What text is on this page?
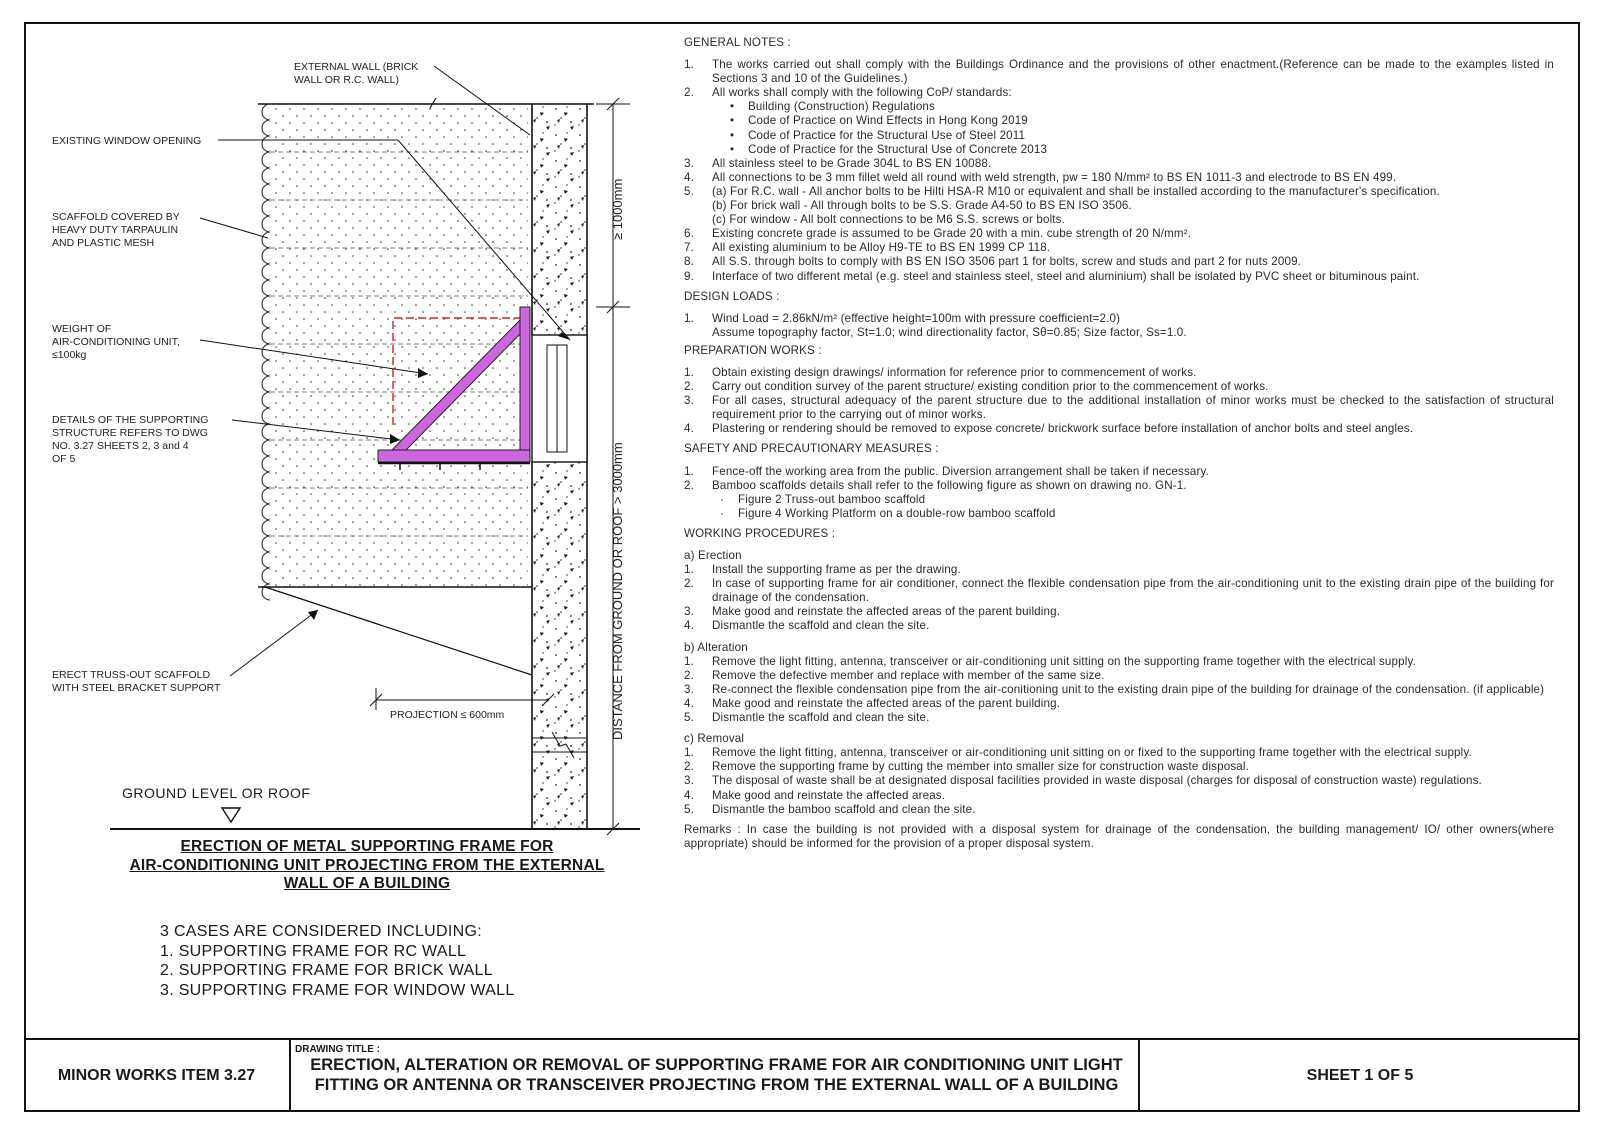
EXTERNAL WALL (BRICK
WALL OR R.C. WALL)
EXISTING WINDOW OPENING
SCAFFOLD COVERED BY
HEAVY DUTY TARPAULIN
AND PLASTIC MESH
WEIGHT OF
AIR-CONDITIONING UNIT,
≤100kg
DETAILS OF THE SUPPORTING
STRUCTURE REFERS TO DWG
NO. 3.27 SHEETS 2, 3 and 4
OF 5
ERECT TRUSS-OUT SCAFFOLD
WITH STEEL BRACKET SUPPORT
PROJECTION ≤ 600mm
≥ 1000mm
DISTANCE FROM GROUND OR ROOF > 3000mm
GROUND LEVEL OR ROOF
ERECTION OF METAL SUPPORTING FRAME FOR
AIR-CONDITIONING UNIT PROJECTING FROM THE EXTERNAL
WALL OF A BUILDING
3 CASES ARE CONSIDERED INCLUDING:
1. SUPPORTING FRAME FOR RC WALL
2. SUPPORTING FRAME FOR BRICK WALL
3. SUPPORTING FRAME FOR WINDOW WALL
GENERAL NOTES :
1.	The works carried out shall comply with the Buildings Ordinance and the provisions of other enactment.(Reference can be made to the examples listed in Sections 3 and 10 of the Guidelines.)
2.	All works shall comply with the following CoP/ standards:
•	Building (Construction) Regulations
•	Code of Practice on Wind Effects in Hong Kong 2019
•	Code of Practice for the Structural Use of Steel 2011
•	Code of Practice for the Structural Use of Concrete 2013
3.	All stainless steel to be Grade 304L to BS EN 10088.
4.	All connections to be 3 mm fillet weld all round with weld strength, pw = 180 N/mm² to BS EN 1011-3 and electrode to BS EN 499.
5.	(a) For R.C. wall - All anchor bolts to be Hilti HSA-R M10 or equivalent and shall be installed according to the manufacturer's specification.
(b) For brick wall - All through bolts to be S.S. Grade A4-50 to BS EN ISO 3506.
(c) For window - All bolt connections to be M6 S.S. screws or bolts.
6.	Existing concrete grade is assumed to be Grade 20 with a min. cube strength of 20 N/mm².
7.	All existing aluminium to be Alloy H9-TE to BS EN 1999 CP 118.
8.	All S.S. through bolts to comply with BS EN ISO 3506 part 1 for bolts, screw and studs and part 2 for nuts 2009.
9.	Interface of two different metal (e.g. steel and stainless steel, steel and aluminium) shall be isolated by PVC sheet or bituminous paint.
DESIGN LOADS :
1.	Wind Load = 2.86kN/m² (effective height=100m with pressure coefficient=2.0)
Assume topography factor, St=1.0; wind directionality factor, Sθ=0.85; Size factor, Ss=1.0.
PREPARATION WORKS :
1.	Obtain existing design drawings/ information for reference prior to commencement of works.
2.	Carry out condition survey of the parent structure/ existing condition prior to the commencement of works.
3.	For all cases, structural adequacy of the parent structure due to the additional installation of minor works must be checked to the satisfaction of structural requirement prior to the carrying out of minor works.
4.	Plastering or rendering should be removed to expose concrete/ brickwork surface before installation of anchor bolts and steel angles.
SAFETY AND PRECAUTIONARY MEASURES :
1.	Fence-off the working area from the public. Diversion arrangement shall be taken if necessary.
2.	Bamboo scaffolds details shall refer to the following figure as shown on drawing no. GN-1.
·	Figure 2 Truss-out bamboo scaffold
·	Figure 4 Working Platform on a double-row bamboo scaffold
WORKING PROCEDURES :
a) Erection
1.	Install the supporting frame as per the drawing.
2.	In case of supporting frame for air conditioner, connect the flexible condensation pipe from the air-conditioning unit to the existing drain pipe of the building for drainage of the condensation.
3.	Make good and reinstate the affected areas of the parent building.
4.	Dismantle the scaffold and clean the site.
b) Alteration
1.	Remove the light fitting, antenna, transceiver or air-conditioning unit sitting on the supporting frame together with the electrical supply.
2.	Remove the defective member and replace with member of the same size.
3.	Re-connect the flexible condensation pipe from the air-conitioning unit to the existing drain pipe of the building for drainage of the condensation. (if applicable)
4.	Make good and reinstate the affected areas of the parent building.
5.	Dismantle the scaffold and clean the site.
c) Removal
1.	Remove the light fitting, antenna, transceiver or air-conditioning unit sitting on or fixed to the supporting frame together with the electrical supply.
2.	Remove the supporting frame by cutting the member into smaller size for construction waste disposal.
3.	The disposal of waste shall be at designated disposal facilities provided in waste disposal (charges for disposal of construction waste) regulations.
4.	Make good and reinstate the affected areas.
5.	Dismantle the bamboo scaffold and clean the site.
Remarks : In case the building is not provided with a disposal system for drainage of the condensation, the building management/ IO/ other owners(where appropriate) should be informed for the provision of a proper disposal system.
MINOR WORKS ITEM 3.27
DRAWING TITLE :
ERECTION, ALTERATION OR REMOVAL OF SUPPORTING FRAME FOR AIR CONDITIONING UNIT LIGHT
FITTING OR ANTENNA OR TRANSCEIVER PROJECTING FROM THE EXTERNAL WALL OF A BUILDING
SHEET 1 OF 5
